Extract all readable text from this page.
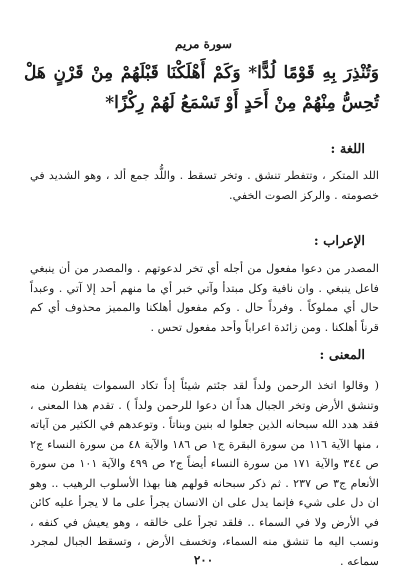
سورة مريم

وَتُنْذِرَ بِهِ قَوْمًا لُدًّا* وَكَمْ أَهْلَكْنَا قَبْلَهُمْ مِنْ قَرْنٍ هَلْ تُحِسُّ مِنْهُمْ مِنْ أَحَدٍ أَوْ تَسْمَعُ لَهُمْ رِكْزًا*

اللغة :

اللد المتكر ، وتتفطر تنشق . وتخر تسقط . واللُّد جمع ألد ، وهو الشديد في خصومته . والركز الصوت الخفي.

الإعراب :

المصدر من دعوا مفعول من أجله أي تخر لدعوتهم . والمصدر من أن ينبغي فاعل ينبغي . وان نافية وكل مبتدأ وآتي خبر أي ما منهم أحد إلا آتي . وعبداً حال أي مملوكاً . وفرداً حال . وكم مفعول أهلكنا والمميز محذوف أي كم قرناً أهلكنا . ومن زائدة اعراباً وأحد مفعول تحس .

المعنى :

( وقالوا اتخذ الرحمن ولداً لقد جئتم شيئاً إداً تكاد السموات يتفطرن منه وتنشق الأرض وتخر الجبال هداً ان دعوا للرحمن ولداً ) . تقدم هذا المعنى ، فقد هدد الله سبحانه الذين جعلوا له بنين وبناتاً . وتوعدهم في الكثير من آياته ، منها الآية ١١٦ من سورة البقرة ج١ ص ١٨٦ والآية ٤٨ من سورة النساء ج٢ ص ٣٤٤ والآية ١٧١ من سورة النساء أيضاً ج٢ ص ٤٩٩ والآية ١٠١ من سورة الأنعام ج٣ ص ٢٣٧ . ثم ذكر سبحانه قولهم هنا بهذا الأسلوب الرهيب .. وهو ان دل على شيء فإنما يدل على ان الانسان يجرأ على ما لا يجرأ عليه كائن في الأرض ولا في السماء .. فلقد تجرأ على خالقه ، وهو يعيش في كنفه ، ونسب اليه ما تنشق منه السماء، وتخسف الأرض ، وتسقط الجبال لمجرد سماعه .

٢٠٠
